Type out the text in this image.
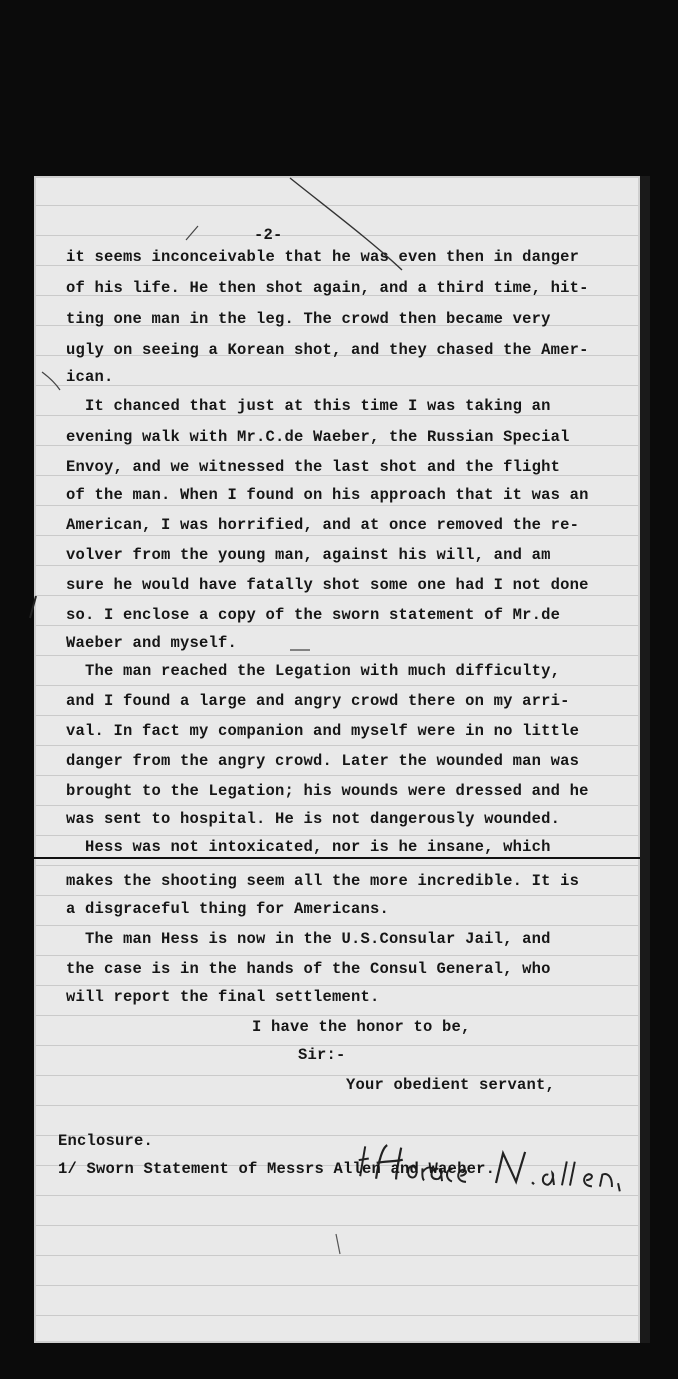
-2-
it seems inconceivable that he was even then in danger
of his life. He then shot again, and a third time, hit-
ting one man in the leg. The crowd then became very
ugly on seeing a Korean shot, and they chased the Amer-
ican.
It chanced that just at this time I was taking an
evening walk with Mr.C.de Waeber, the Russian Special
Envoy, and we witnessed the last shot and the flight
of the man. When I found on his approach that it was an
American, I was horrified, and at once removed the re-
volver from the young man, against his will, and am
sure he would have fatally shot some one had I not done
so. I enclose a copy of the sworn statement of Mr.de
Waeber and myself.
The man reached the Legation with much difficulty,
and I found a large and angry crowd there on my arri-
val. In fact my companion and myself were in no little
danger from the angry crowd. Later the wounded man was
brought to the Legation; his wounds were dressed and he
was sent to hospital. He is not dangerously wounded.
Hess was not intoxicated, nor is he insane, which
makes the shooting seem all the more incredible. It is
a disgraceful thing for Americans.
The man Hess is now in the U.S.Consular Jail, and
the case is in the hands of the Consul General, who
will report the final settlement.
I have the honor to be,
Sir:-
Your obedient servant,

Enclosure.
1/ Sworn Statement of Messrs Allen and Waeber.
